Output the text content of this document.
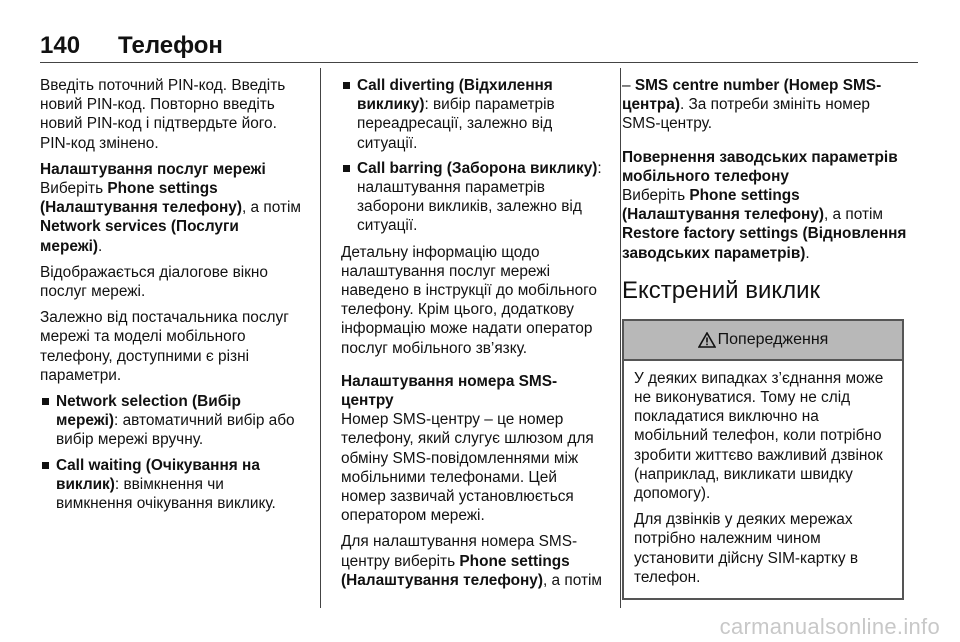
140	Телефон

Введіть поточний PIN-код. Введіть новий PIN-код. Повторно введіть новий PIN-код і підтвердьте його. PIN-код змінено.

Налаштування послуг мережі

Виберіть Phone settings (Налаштування телефону), а потім Network services (Послуги мережі).

Відображається діалогове вікно послуг мережі.

Залежно від постачальника послуг мережі та моделі мобільного телефону, доступними є різні параметри.

Network selection (Вибір мережі): автоматичний вибір або вибір мережі вручну.
Call waiting (Очікування на виклик): ввімкнення чи вимкнення очікування виклику.
Call diverting (Відхилення виклику): вибір параметрів переадресації, залежно від ситуації.
Call barring (Заборона виклику): налаштування параметрів заборони викликів, залежно від ситуації.

Детальну інформацію щодо налаштування послуг мережі наведено в інструкції до мобільного телефону. Крім цього, додаткову інформацію може надати оператор послуг мобільного зв’язку.

Налаштування номера SMS-центру

Номер SMS-центру – це номер телефону, який слугує шлюзом для обміну SMS-повідомленнями між мобільними телефонами. Цей номер зазвичай установлюється оператором мережі.

Для налаштування номера SMS-центру виберіть Phone settings (Налаштування телефону), а потім

– SMS centre number (Номер SMS-центра). За потреби змініть номер SMS-центру.

Повернення заводських параметрів мобільного телефону

Виберіть Phone settings (Налаштування телефону), а потім Restore factory settings (Відновлення заводських параметрів).

Екстрений виклик
Попередження

У деяких випадках з’єднання може не виконуватися. Тому не слід покладатися виключно на мобільний телефон, коли потрібно зробити життєво важливий дзвінок (наприклад, викликати швидку допомогу).

Для дзвінків у деяких мережах потрібно належним чином установити дійсну SIM-картку в телефон.

carmanualsonline.info
